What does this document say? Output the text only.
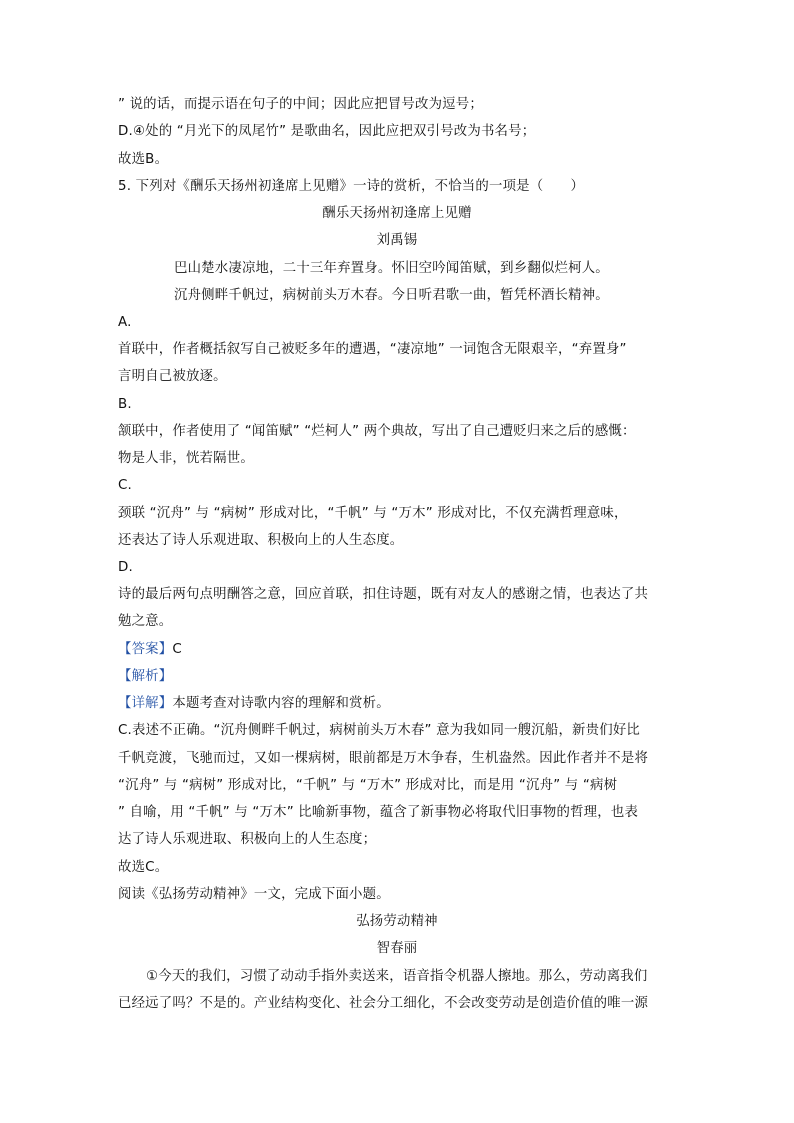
” 说的话，而提示语在句子的中间；因此应把冒号改为逗号；
D.④处的 “月光下的凤尾竹” 是歌曲名，因此应把双引号改为书名号；
故选B。
5. 下列对《酬乐天扬州初逢席上见赠》一诗的赏析，不恰当的一项是（　　）
酬乐天扬州初逢席上见赠
刘禹锡
巴山楚水凄凉地，二十三年弃置身。怀旧空吟闻笛赋，到乡翻似烂柯人。
沉舟侧畔千帆过，病树前头万木春。今日听君歌一曲，暂凭杯酒长精神。
A.
首联中，作者概括叙写自己被贬多年的遭遇，“凄凉地” 一词饱含无限艰辛，“弃置身”
言明自己被放逐。
B.
颔联中，作者使用了 “闻笛赋” “烂柯人” 两个典故，写出了自己遭贬归来之后的感慨：
物是人非，恍若隔世。
C.
颈联 “沉舟” 与 “病树” 形成对比，“千帆” 与 “万木” 形成对比，不仅充满哲理意味，
还表达了诗人乐观进取、积极向上的人生态度。
D.
诗的最后两句点明酬答之意，回应首联，扣住诗题，既有对友人的感谢之情，也表达了共
勉之意。
【答案】C
【解析】
【详解】本题考查对诗歌内容的理解和赏析。
C.表述不正确。“沉舟侧畔千帆过，病树前头万木春” 意为我如同一艘沉船，新贵们好比
千帆竞渡，飞驰而过，又如一棵病树，眼前都是万木争春，生机盎然。因此作者并不是将
“沉舟” 与 “病树” 形成对比，“千帆” 与 “万木” 形成对比，而是用 “沉舟” 与 “病树
” 自喻，用 “千帆” 与 “万木” 比喻新事物，蕴含了新事物必将取代旧事物的哲理，也表
达了诗人乐观进取、积极向上的人生态度；
故选C。
阅读《弘扬劳动精神》一文，完成下面小题。
弘扬劳动精神
智春丽
①今天的我们，习惯了动动手指外卖送来，语音指令机器人擦地。那么，劳动离我们
已经远了吗？不是的。产业结构变化、社会分工细化，不会改变劳动是创造价值的唯一源
